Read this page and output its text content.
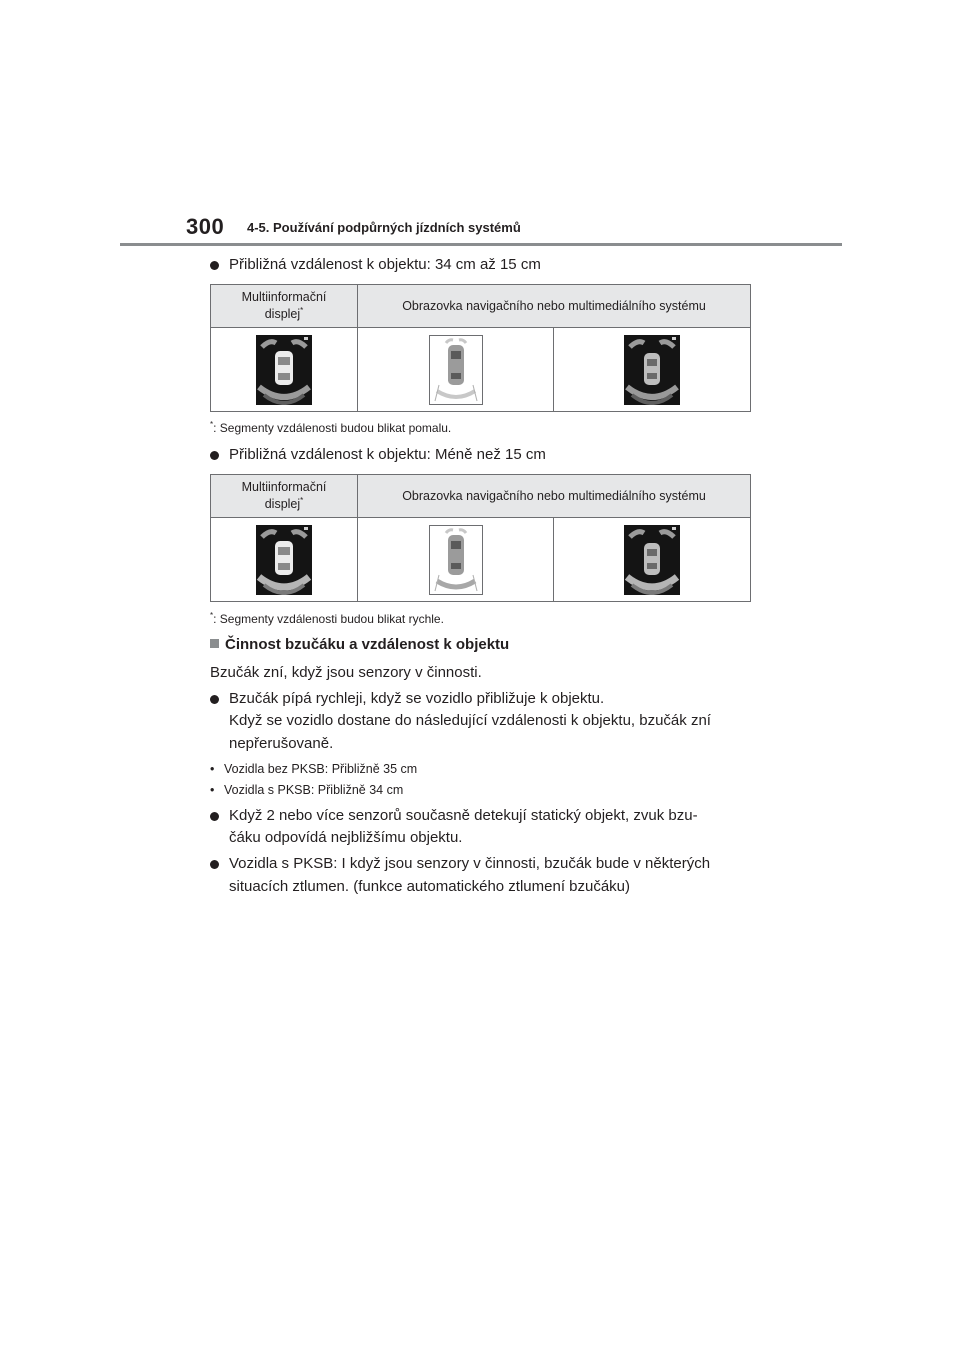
300 4-5. Používání podpůrných jízdních systémů
Přibližná vzdálenost k objektu: 34 cm až 15 cm
Multiinformační
displej*	Obrazovka navigačního nebo multimediálního systému	

*: Segmenty vzdálenosti budou blikat pomalu.
Přibližná vzdálenost k objektu: Méně než 15 cm
Multiinformační
displej*	Obrazovka navigačního nebo multimediálního systému	

*: Segmenty vzdálenosti budou blikat rychle.
Činnost bzučáku a vzdálenost k objektu
Bzučák zní, když jsou senzory v činnosti.
Bzučák pípá rychleji, když se vozidlo přibližuje k objektu.
Když se vozidlo dostane do následující vzdálenosti k objektu, bzučák zní
nepřerušovaně.
• Vozidla bez PKSB: Přibližně 35 cm
• Vozidla s PKSB: Přibližně 34 cm
Když 2 nebo více senzorů současně detekují statický objekt, zvuk bzu-
čáku odpovídá nejbližšímu objektu.
Vozidla s PKSB: I když jsou senzory v činnosti, bzučák bude v některých
situacích ztlumen. (funkce automatického ztlumení bzučáku)
